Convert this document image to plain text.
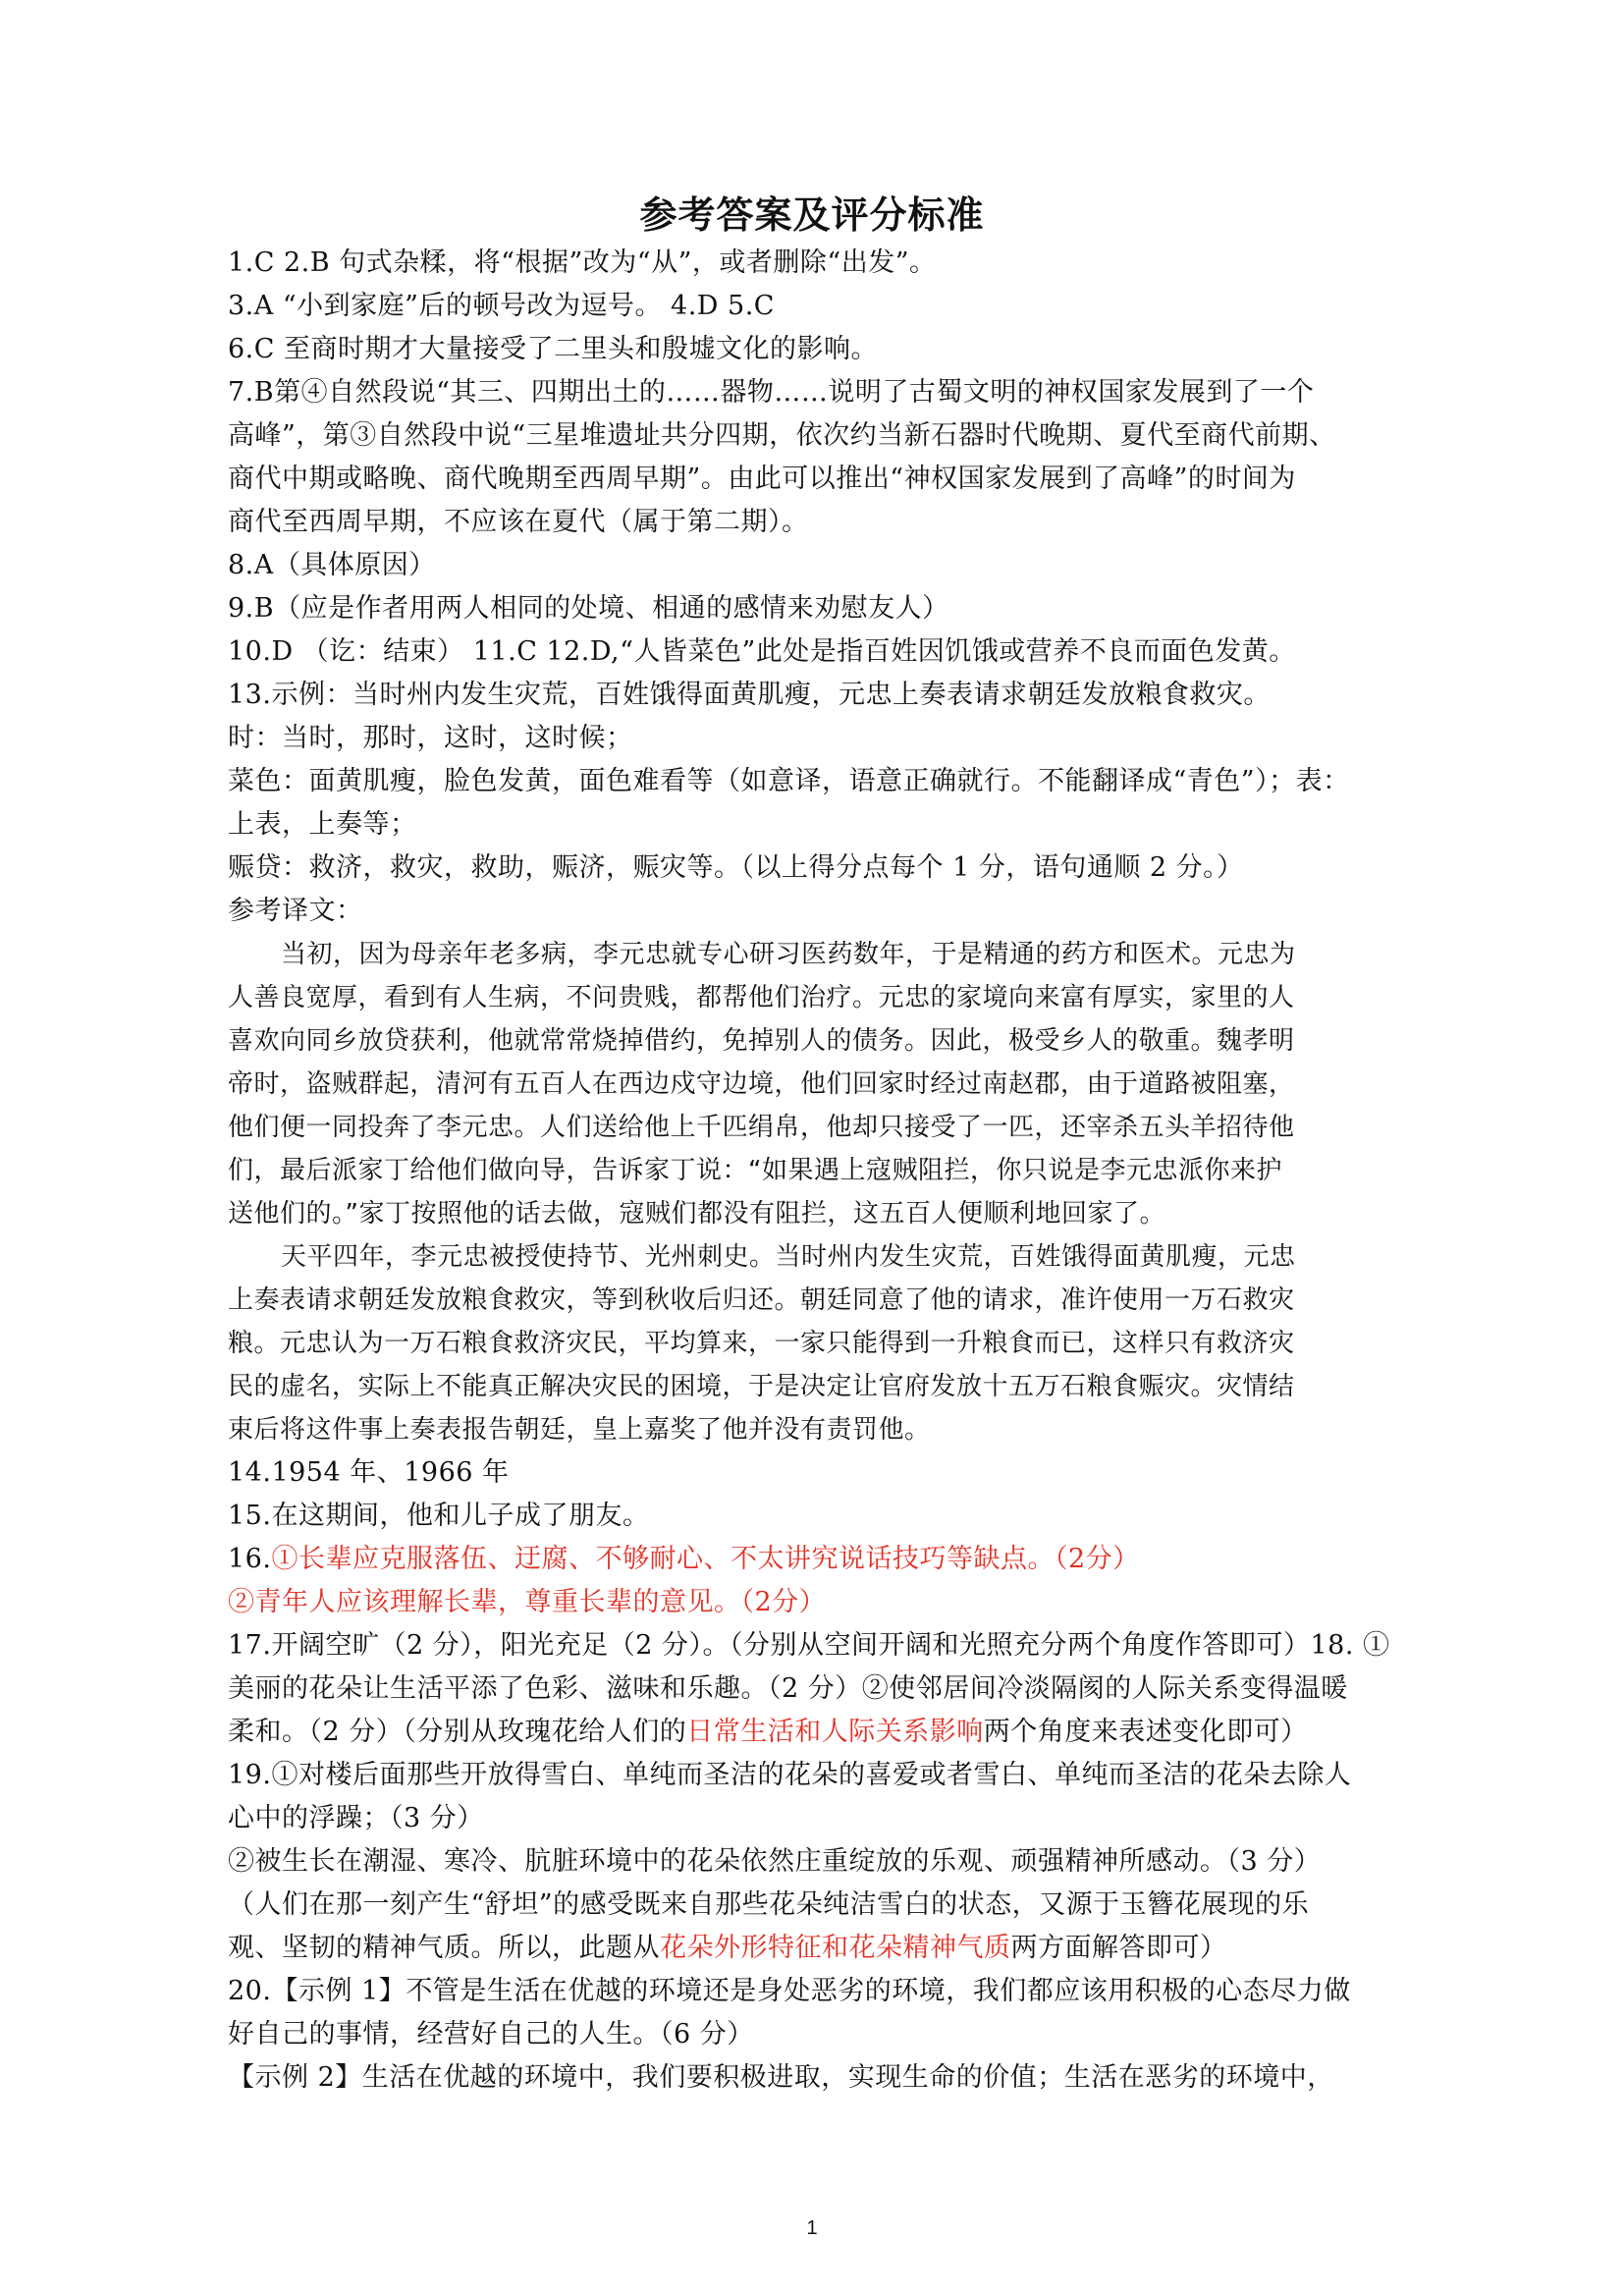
参考答案及评分标准
1.C 2.B 句式杂糅，将“根据”改为“从”，或者删除“出发”。
3.A “小到家庭”后的顿号改为逗号。 4.D 5.C
6.C 至商时期才大量接受了二里头和殷墟文化的影响。
7.B第④自然段说“其三、四期出土的……器物……说明了古蜀文明的神权国家发展到了一个
高峰”，第③自然段中说“三星堆遗址共分四期，依次约当新石器时代晚期、夏代至商代前期、
商代中期或略晚、商代晚期至西周早期”。由此可以推出“神权国家发展到了高峰”的时间为
商代至西周早期，不应该在夏代（属于第二期）。
8.A（具体原因）
9.B（应是作者用两人相同的处境、相通的感情来劝慰友人）
10.D （讫：结束） 11.C 12.D,“人皆菜色”此处是指百姓因饥饿或营养不良而面色发黄。
13.示例：当时州内发生灾荒，百姓饿得面黄肌瘦，元忠上奏表请求朝廷发放粮食救灾。
时：当时，那时，这时，这时候；
菜色：面黄肌瘦，脸色发黄，面色难看等（如意译，语意正确就行。不能翻译成“青色”）；表：
上表，上奏等；
赈贷：救济，救灾，救助，赈济，赈灾等。（以上得分点每个 1 分，语句通顺 2 分。）
参考译文：
当初，因为母亲年老多病，李元忠就专心研习医药数年，于是精通的药方和医术。元忠为
人善良宽厚，看到有人生病，不问贵贱，都帮他们治疗。元忠的家境向来富有厚实，家里的人
喜欢向同乡放贷获利，他就常常烧掉借约，免掉别人的债务。因此，极受乡人的敬重。魏孝明
帝时，盗贼群起，清河有五百人在西边戍守边境，他们回家时经过南赵郡，由于道路被阻塞，
他们便一同投奔了李元忠。人们送给他上千匹绢帛，他却只接受了一匹，还宰杀五头羊招待他
们，最后派家丁给他们做向导，告诉家丁说：“如果遇上寇贼阻拦，你只说是李元忠派你来护
送他们的。”家丁按照他的话去做，寇贼们都没有阻拦，这五百人便顺利地回家了。
天平四年，李元忠被授使持节、光州刺史。当时州内发生灾荒，百姓饿得面黄肌瘦，元忠
上奏表请求朝廷发放粮食救灾，等到秋收后归还。朝廷同意了他的请求，准许使用一万石救灾
粮。元忠认为一万石粮食救济灾民，平均算来，一家只能得到一升粮食而已，这样只有救济灾
民的虚名，实际上不能真正解决灾民的困境，于是决定让官府发放十五万石粮食赈灾。灾情结
束后将这件事上奏表报告朝廷，皇上嘉奖了他并没有责罚他。
14.1954 年、1966 年
15.在这期间，他和儿子成了朋友。
16.①长辈应克服落伍、迂腐、不够耐心、不太讲究说话技巧等缺点。（2分）
②青年人应该理解长辈，尊重长辈的意见。（2分）
17.开阔空旷（2 分），阳光充足（2 分）。（分别从空间开阔和光照充分两个角度作答即可）18. ①
美丽的花朵让生活平添了色彩、滋味和乐趣。（2 分）②使邻居间冷淡隔阂的人际关系变得温暖
柔和。（2 分）（分别从玫瑰花给人们的日常生活和人际关系影响两个角度来表述变化即可）
19.①对楼后面那些开放得雪白、单纯而圣洁的花朵的喜爱或者雪白、单纯而圣洁的花朵去除人
心中的浮躁；（3 分）
②被生长在潮湿、寒冷、肮脏环境中的花朵依然庄重绽放的乐观、顽强精神所感动。（3 分）
（人们在那一刻产生“舒坦”的感受既来自那些花朵纯洁雪白的状态，又源于玉簪花展现的乐
观、坚韧的精神气质。所以，此题从花朵外形特征和花朵精神气质两方面解答即可）
20.【示例 1】不管是生活在优越的环境还是身处恶劣的环境，我们都应该用积极的心态尽力做
好自己的事情，经营好自己的人生。（6 分）
【示例 2】生活在优越的环境中，我们要积极进取，实现生命的价值；生活在恶劣的环境中，
1
